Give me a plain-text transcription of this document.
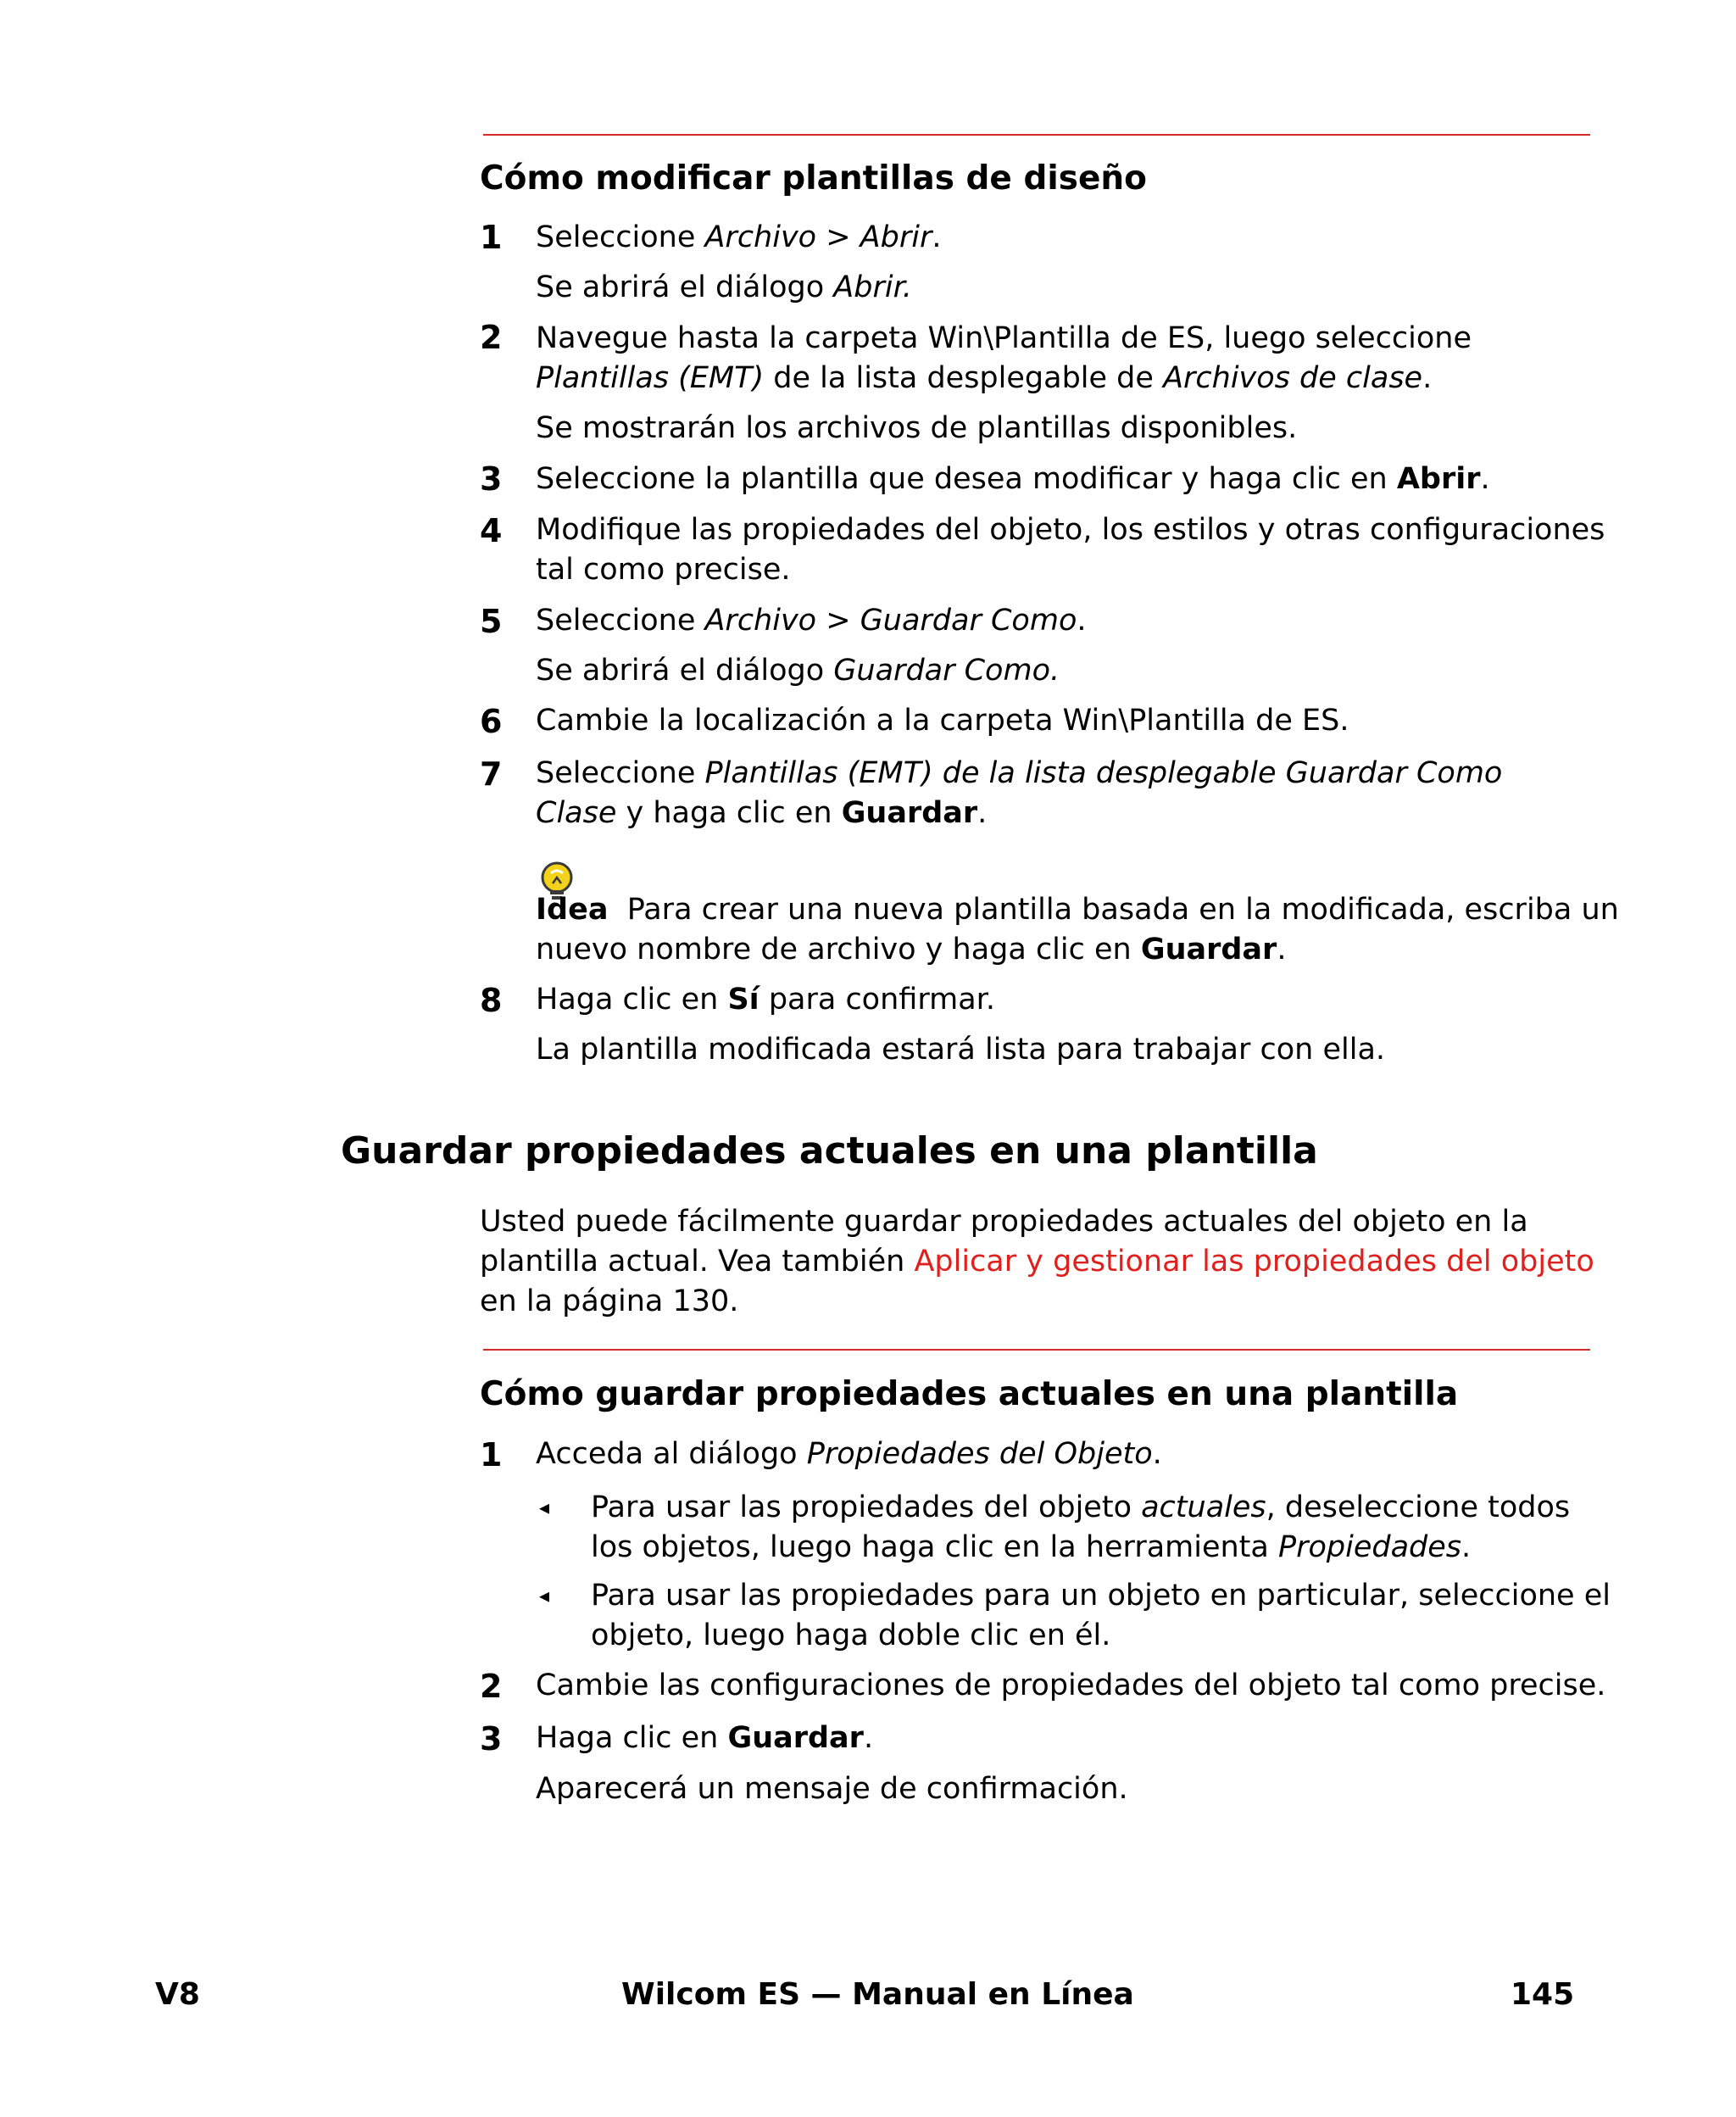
Cómo modificar plantillas de diseño
1 Seleccione Archivo > Abrir.
Se abrirá el diálogo Abrir.
2 Navegue hasta la carpeta Win\Plantilla de ES, luego seleccione
Plantillas (EMT) de la lista desplegable de Archivos de clase.
Se mostrarán los archivos de plantillas disponibles.
3 Seleccione la plantilla que desea modificar y haga clic en Abrir.
4 Modifique las propiedades del objeto, los estilos y otras configuraciones
tal como precise.
5 Seleccione Archivo > Guardar Como.
Se abrirá el diálogo Guardar Como.
6 Cambie la localización a la carpeta Win\Plantilla de ES.
7 Seleccione Plantillas (EMT) de la lista desplegable Guardar Como
Clase y haga clic en Guardar.
Idea Para crear una nueva plantilla basada en la modificada, escriba un
nuevo nombre de archivo y haga clic en Guardar.
8 Haga clic en Sí para confirmar.
La plantilla modificada estará lista para trabajar con ella.
Guardar propiedades actuales en una plantilla
Usted puede fácilmente guardar propiedades actuales del objeto en la
plantilla actual. Vea también Aplicar y gestionar las propiedades del objeto
en la página 130.
Cómo guardar propiedades actuales en una plantilla
1 Acceda al diálogo Propiedades del Objeto.
◂ Para usar las propiedades del objeto actuales, deseleccione todos
los objetos, luego haga clic en la herramienta Propiedades.
◂ Para usar las propiedades para un objeto en particular, seleccione el
objeto, luego haga doble clic en él.
2 Cambie las configuraciones de propiedades del objeto tal como precise.
3 Haga clic en Guardar.
Aparecerá un mensaje de confirmación.
V8	Wilcom ES — Manual en Línea	145
